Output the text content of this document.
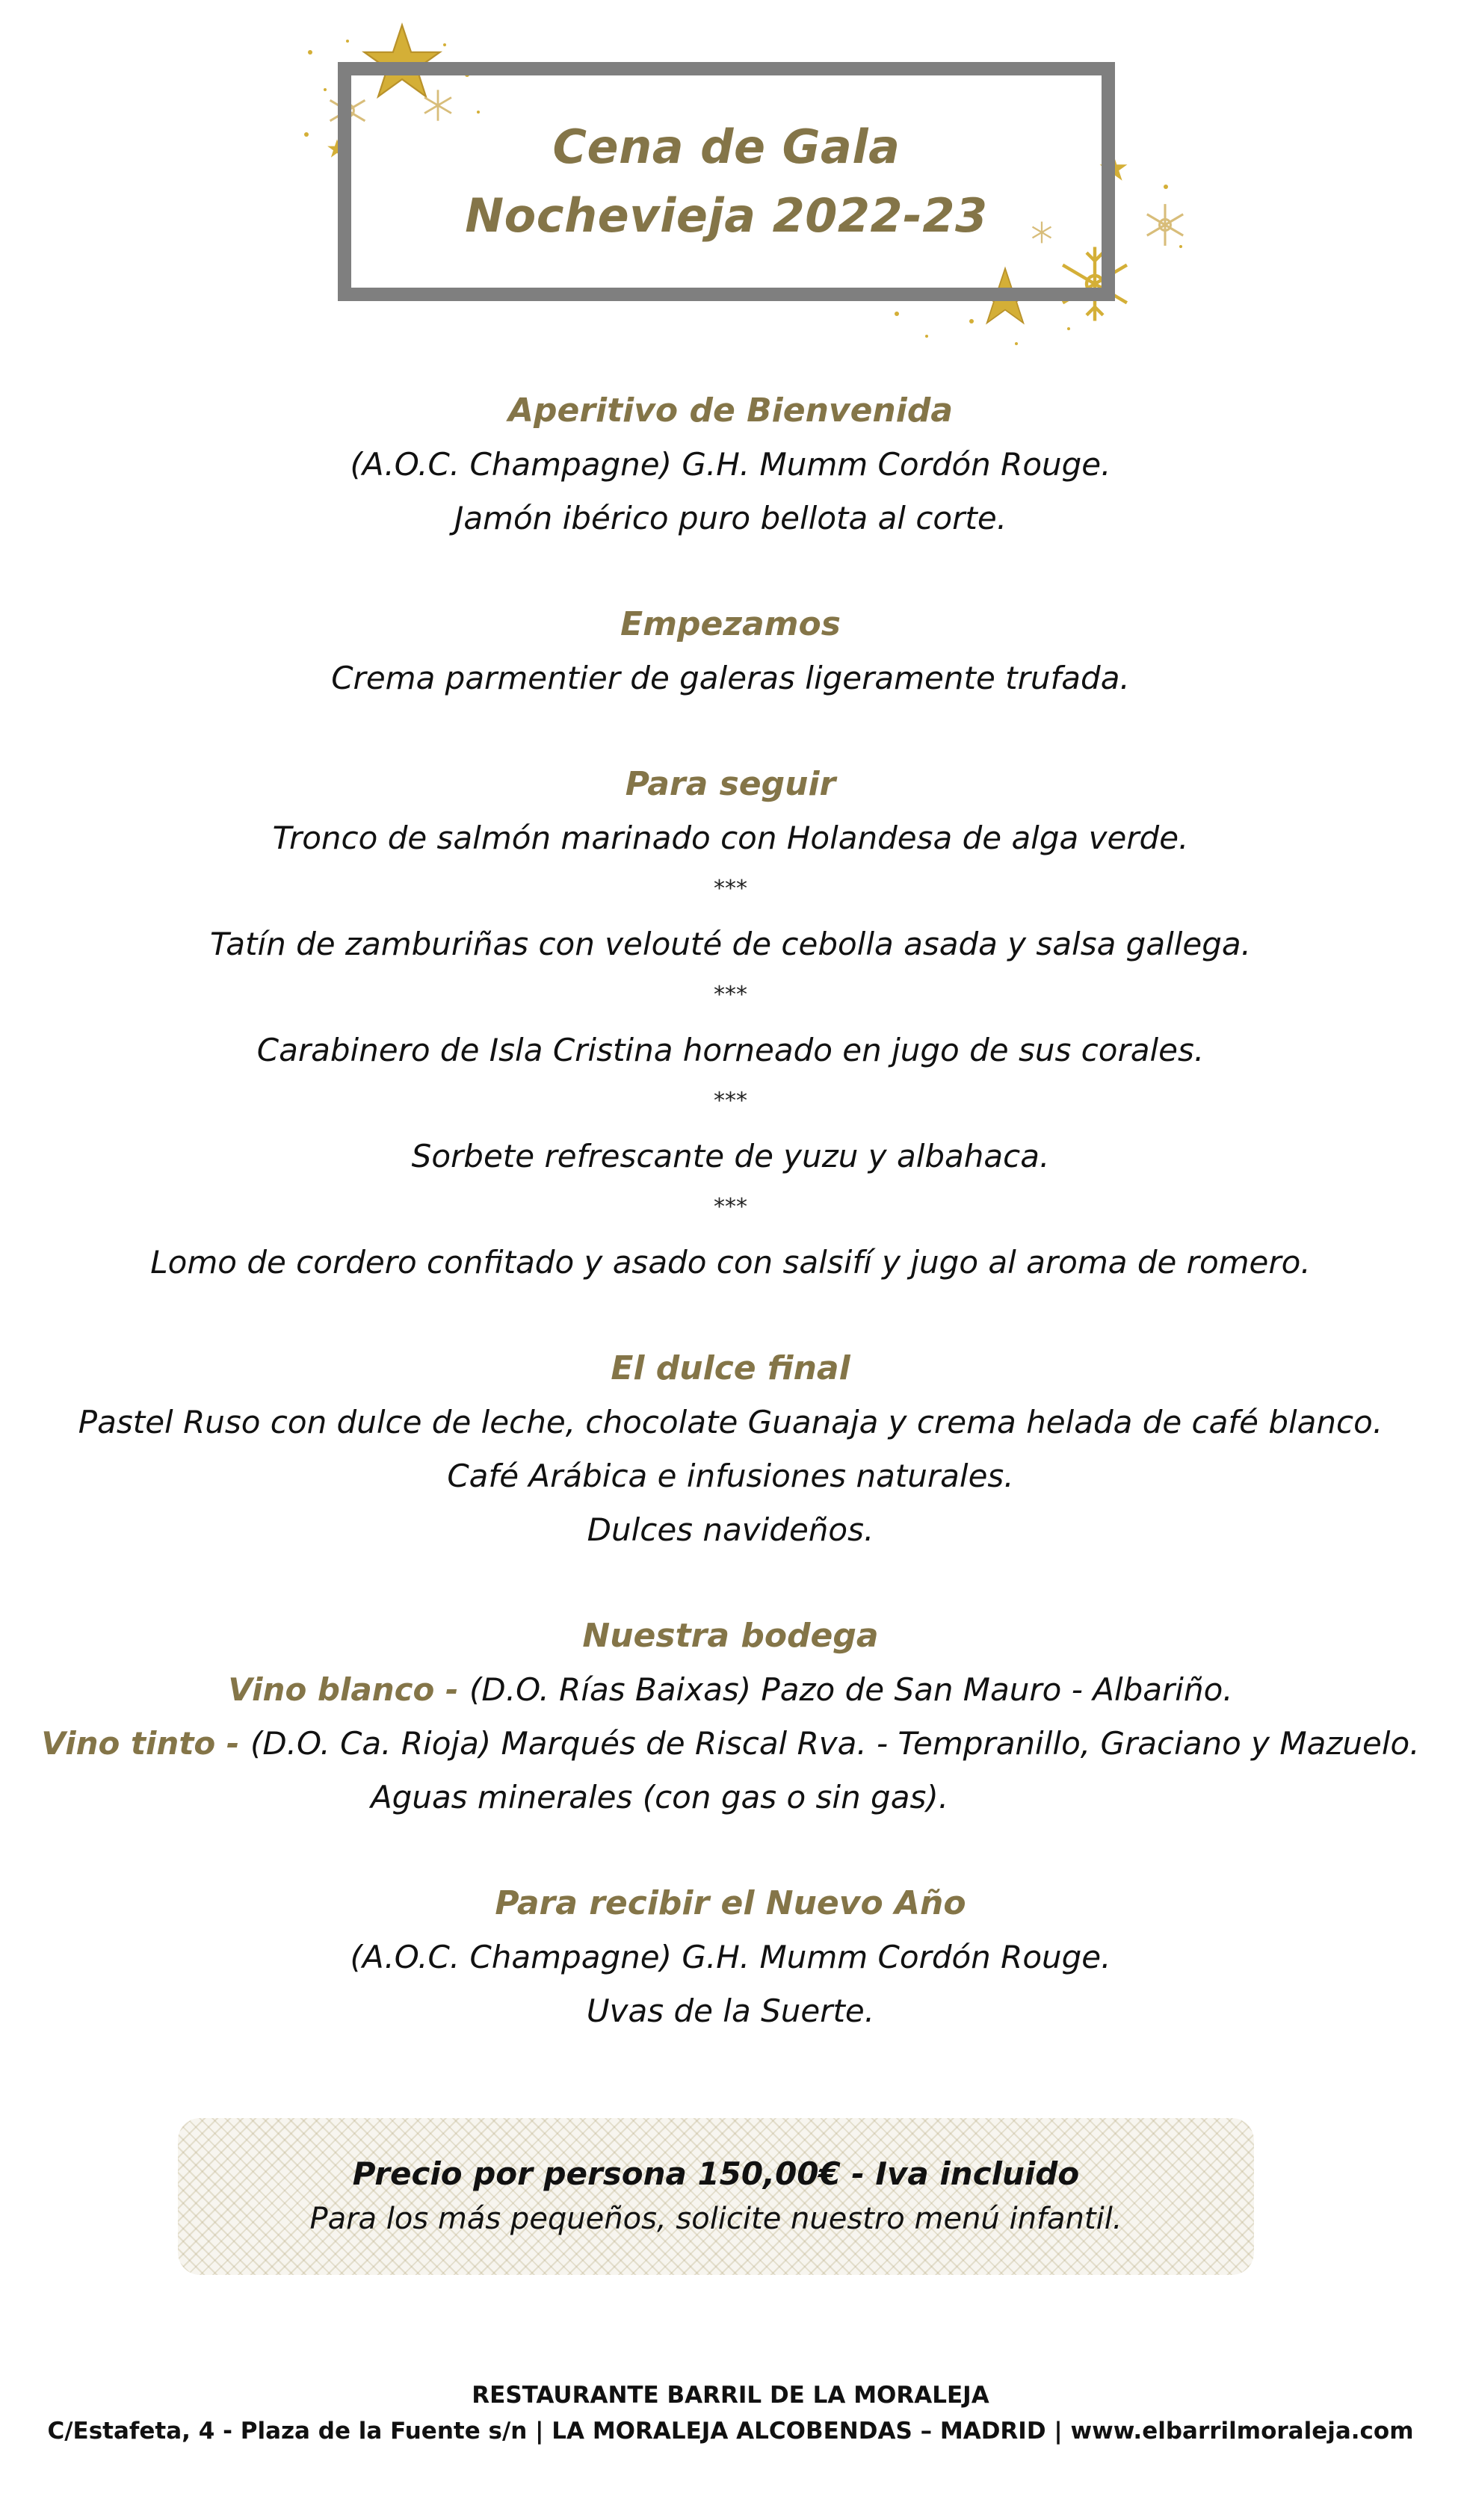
Cena de Gala
Nochevieja 2022-23
Aperitivo de Bienvenida
(A.O.C. Champagne) G.H. Mumm Cordón Rouge.
Jamón ibérico puro bellota al corte.
Empezamos
Crema parmentier de galeras ligeramente trufada.
Para seguir
Tronco de salmón marinado con Holandesa de alga verde.
***
Tatín de zamburiñas con velouté de cebolla asada y salsa gallega.
***
Carabinero de Isla Cristina horneado en jugo de sus corales.
***
Sorbete refrescante de yuzu y albahaca.
***
Lomo de cordero confitado y asado con salsifí y jugo al aroma de romero.
El dulce final
Pastel Ruso con dulce de leche, chocolate Guanaja y crema helada de café blanco.
Café Arábica e infusiones naturales.
Dulces navideños.
Nuestra bodega
Vino blanco - (D.O. Rías Baixas) Pazo de San Mauro - Albariño.
Vino tinto - (D.O. Ca. Rioja) Marqués de Riscal Rva. - Tempranillo, Graciano y Mazuelo.
Aguas minerales (con gas o sin gas).
Para recibir el Nuevo Año
(A.O.C. Champagne) G.H. Mumm Cordón Rouge.
Uvas de la Suerte.
Precio por persona 150,00€ - Iva incluido
Para los más pequeños, solicite nuestro menú infantil.
RESTAURANTE BARRIL DE LA MORALEJA
C/Estafeta, 4 - Plaza de la Fuente s/n | LA MORALEJA ALCOBENDAS – MADRID | www.elbarrilmoraleja.com
